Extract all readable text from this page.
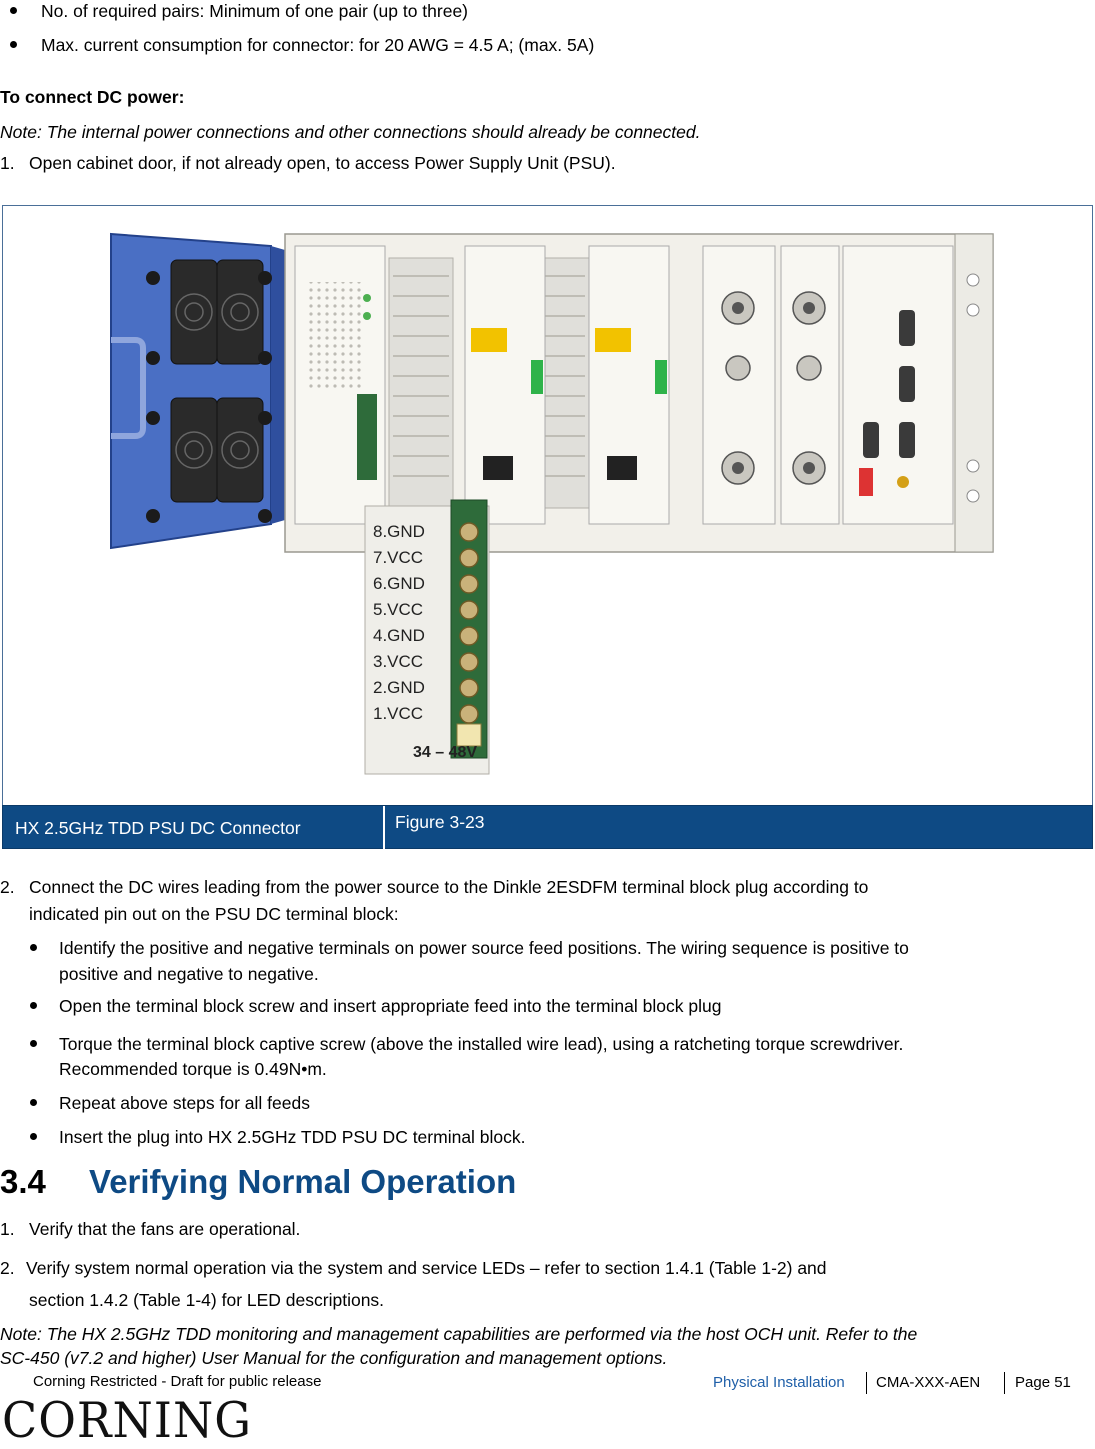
No. of required pairs: Minimum of one pair (up to three)
Max. current consumption for connector: for 20 AWG = 4.5 A; (max. 5A)
To connect DC power:
Note: The internal power connections and other connections should already be connected.
1. Open cabinet door, if not already open, to access Power Supply Unit (PSU).
8.GND
7.VCC
6.GND
5.VCC
4.GND
3.VCC
2.GND
1.VCC
34 – 48V
HX 2.5GHz TDD PSU DC Connector	Figure 3-23
2. Connect the DC wires leading from the power source to the Dinkle 2ESDFM terminal block plug according to
indicated pin out on the PSU DC terminal block:
Identify the positive and negative terminals on power source feed positions. The wiring sequence is positive to
positive and negative to negative.
Open the terminal block screw and insert appropriate feed into the terminal block plug
Torque the terminal block captive screw (above the installed wire lead), using a ratcheting torque screwdriver.
Recommended torque is 0.49N•m.
Repeat above steps for all feeds
Insert the plug into HX 2.5GHz TDD PSU DC terminal block.
3.4 Verifying Normal Operation
1. Verify that the fans are operational.
2. Verify system normal operation via the system and service LEDs – refer to section 1.4.1 (Table 1-2) and
section 1.4.2 (Table 1-4) for LED descriptions.
Note: The HX 2.5GHz TDD monitoring and management capabilities are performed via the host OCH unit. Refer to the
SC-450 (v7.2 and higher) User Manual for the configuration and management options.
Corning Restricted - Draft for public release	Physical Installation CMA-XXX-AEN Page 51
CORNING
